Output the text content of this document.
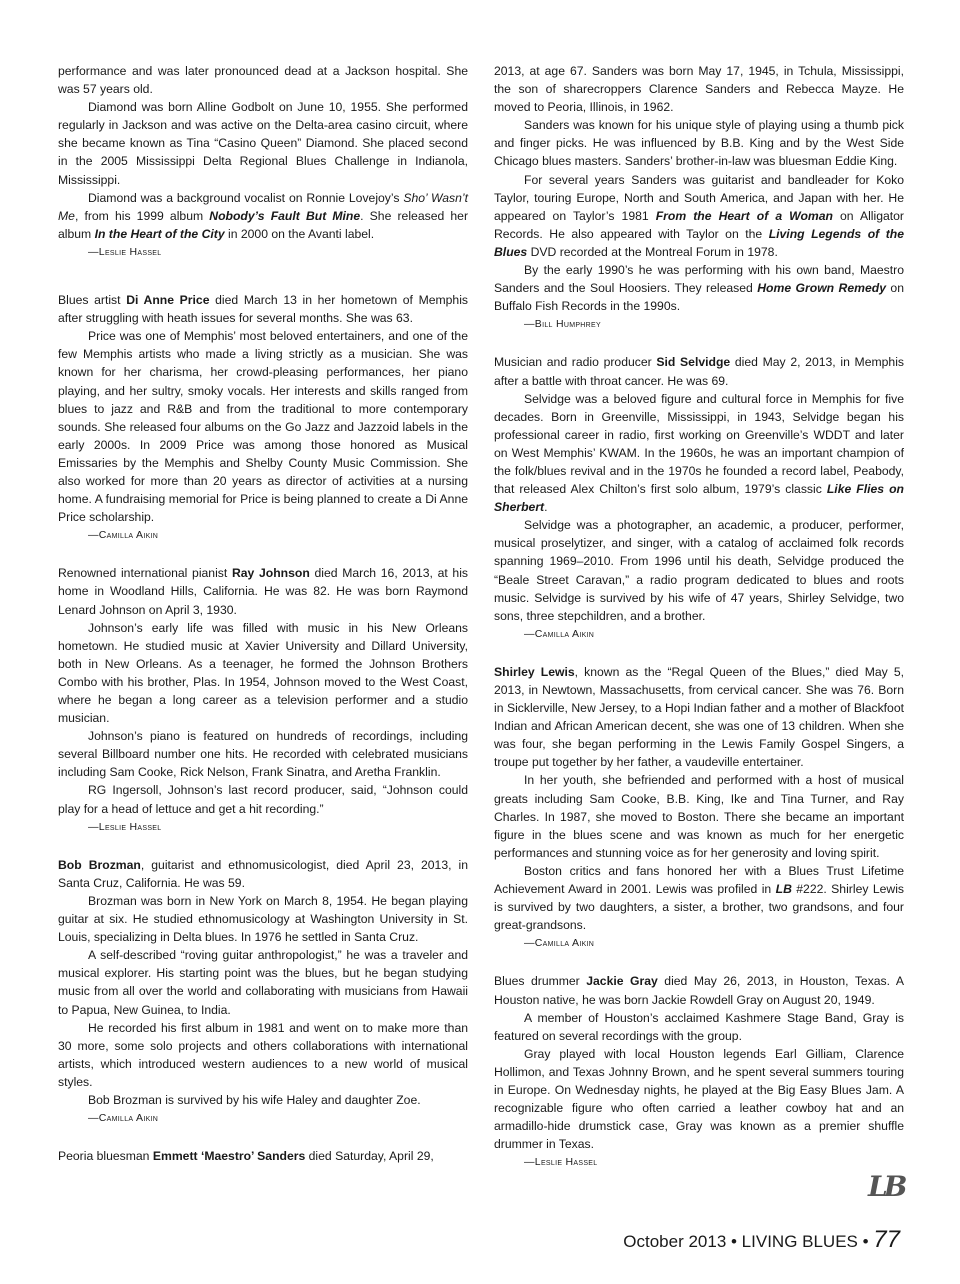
performance and was later pronounced dead at a Jackson hospital. She was 57 years old.

Diamond was born Alline Godbolt on June 10, 1955. She performed regularly in Jackson and was active on the Delta-area casino circuit, where she became known as Tina “Casino Queen” Diamond. She placed second in the 2005 Mississippi Delta Regional Blues Challenge in Indianola, Mississippi.

Diamond was a background vocalist on Ronnie Lovejoy’s Sho’ Wasn’t Me, from his 1999 album Nobody’s Fault But Mine. She released her album In the Heart of the City in 2000 on the Avanti label.

—Leslie Hassel

Blues artist Di Anne Price died March 13 in her hometown of Memphis after struggling with heath issues for several months. She was 63.

Price was one of Memphis’ most beloved entertainers, and one of the few Memphis artists who made a living strictly as a musician. She was known for her charisma, her crowd-pleasing performances, her piano playing, and her sultry, smoky vocals. Her interests and skills ranged from blues to jazz and R&B and from the traditional to more contemporary sounds. She released four albums on the Go Jazz and Jazzoid labels in the early 2000s. In 2009 Price was among those honored as Musical Emissaries by the Memphis and Shelby County Music Commission. She also worked for more than 20 years as director of activities at a nursing home. A fundraising memorial for Price is being planned to create a Di Anne Price scholarship.

—Camilla Aikin

Renowned international pianist Ray Johnson died March 16, 2013, at his home in Woodland Hills, California. He was 82. He was born Raymond Lenard Johnson on April 3, 1930.

Johnson’s early life was filled with music in his New Orleans hometown. He studied music at Xavier University and Dillard University, both in New Orleans. As a teenager, he formed the Johnson Brothers Combo with his brother, Plas. In 1954, Johnson moved to the West Coast, where he began a long career as a television performer and a studio musician.

Johnson’s piano is featured on hundreds of recordings, including several Billboard number one hits. He recorded with celebrated musicians including Sam Cooke, Rick Nelson, Frank Sinatra, and Aretha Franklin.

RG Ingersoll, Johnson’s last record producer, said, “Johnson could play for a head of lettuce and get a hit recording.”

—Leslie Hassel

Bob Brozman, guitarist and ethnomusicologist, died April 23, 2013, in Santa Cruz, California. He was 59.

Brozman was born in New York on March 8, 1954. He began playing guitar at six. He studied ethnomusicology at Washington University in St. Louis, specializing in Delta blues. In 1976 he settled in Santa Cruz.

A self-described “roving guitar anthropologist,” he was a traveler and musical explorer. His starting point was the blues, but he began studying music from all over the world and collaborating with musicians from Hawaii to Papua, New Guinea, to India.

He recorded his first album in 1981 and went on to make more than 30 more, some solo projects and others collaborations with international artists, which introduced western audiences to a new world of musical styles.

Bob Brozman is survived by his wife Haley and daughter Zoe.

—Camilla Aikin

Peoria bluesman Emmett ‘Maestro’ Sanders died Saturday, April 29,

2013, at age 67. Sanders was born May 17, 1945, in Tchula, Mississippi, the son of sharecroppers Clarence Sanders and Rebecca Mayze. He moved to Peoria, Illinois, in 1962.

Sanders was known for his unique style of playing using a thumb pick and finger picks. He was influenced by B.B. King and by the West Side Chicago blues masters. Sanders’ brother-in-law was bluesman Eddie King.

For several years Sanders was guitarist and bandleader for Koko Taylor, touring Europe, North and South America, and Japan with her. He appeared on Taylor’s 1981 From the Heart of a Woman on Alligator Records. He also appeared with Taylor on the Living Legends of the Blues DVD recorded at the Montreal Forum in 1978.

By the early 1990’s he was performing with his own band, Maestro Sanders and the Soul Hoosiers. They released Home Grown Remedy on Buffalo Fish Records in the 1990s.

—Bill Humphrey

Musician and radio producer Sid Selvidge died May 2, 2013, in Memphis after a battle with throat cancer. He was 69.

Selvidge was a beloved figure and cultural force in Memphis for five decades. Born in Greenville, Mississippi, in 1943, Selvidge began his professional career in radio, first working on Greenville’s WDDT and later on West Memphis’ KWAM. In the 1960s, he was an important champion of the folk/blues revival and in the 1970s he founded a record label, Peabody, that released Alex Chilton’s first solo album, 1979’s classic Like Flies on Sherbert.

Selvidge was a photographer, an academic, a producer, performer, musical proselytizer, and singer, with a catalog of acclaimed folk records spanning 1969–2010. From 1996 until his death, Selvidge produced the “Beale Street Caravan,” a radio program dedicated to blues and roots music. Selvidge is survived by his wife of 47 years, Shirley Selvidge, two sons, three stepchildren, and a brother.

—Camilla Aikin

Shirley Lewis, known as the “Regal Queen of the Blues,” died May 5, 2013, in Newtown, Massachusetts, from cervical cancer. She was 76. Born in Sicklerville, New Jersey, to a Hopi Indian father and a mother of Blackfoot Indian and African American decent, she was one of 13 children. When she was four, she began performing in the Lewis Family Gospel Singers, a troupe put together by her father, a vaudeville entertainer.

In her youth, she befriended and performed with a host of musical greats including Sam Cooke, B.B. King, Ike and Tina Turner, and Ray Charles. In 1987, she moved to Boston. There she became an important figure in the blues scene and was known as much for her energetic performances and stunning voice as for her generosity and loving spirit.

Boston critics and fans honored her with a Blues Trust Lifetime Achievement Award in 2001. Lewis was profiled in LB #222. Shirley Lewis is survived by two daughters, a sister, a brother, two grandsons, and four great-grandsons.

—Camilla Aikin

Blues drummer Jackie Gray died May 26, 2013, in Houston, Texas. A Houston native, he was born Jackie Rowdell Gray on August 20, 1949.

A member of Houston’s acclaimed Kashmere Stage Band, Gray is featured on several recordings with the group.

Gray played with local Houston legends Earl Gilliam, Clarence Hollimon, and Texas Johnny Brown, and he spent several summers touring in Europe. On Wednesday nights, he played at the Big Easy Blues Jam. A recognizable figure who often carried a leather cowboy hat and an armadillo-hide drumstick case, Gray was known as a premier shuffle drummer in Texas.

—Leslie Hassel

LB
October 2013 • LIVING BLUES • 77
